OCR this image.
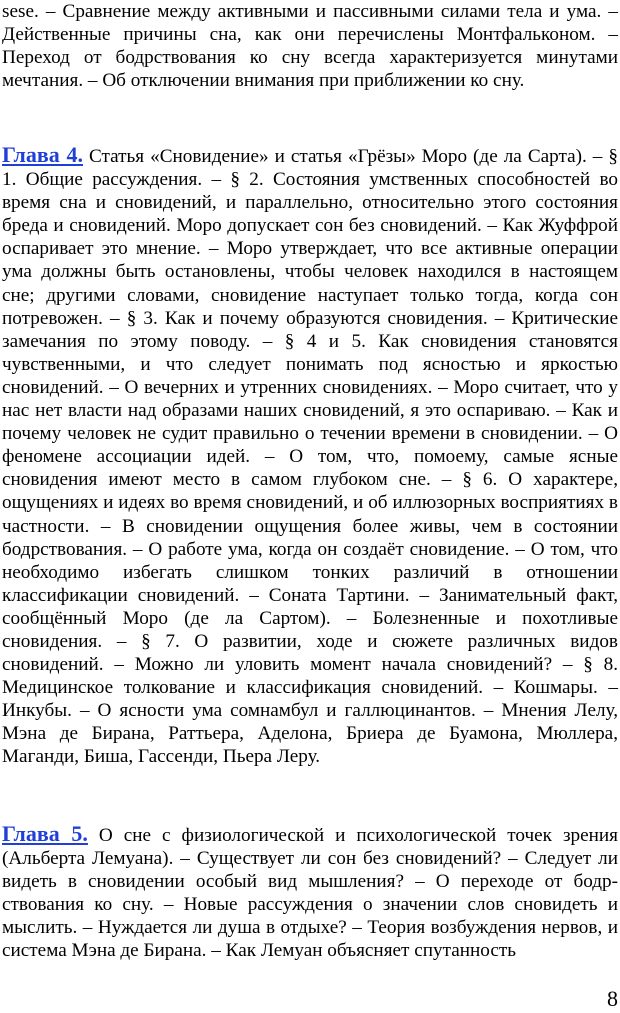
sese. – Сравнение между активными и пассивными силами тела и ума. – Действенные причины сна, как они перечислены Монтфальконом. – Переход от бодрствования ко сну всегда характеризуется минутами мечтания. – Об отключении внимания при приближении ко сну.

Глава 4. Статья «Сновидение» и статья «Грёзы» Моро (де ла Сарта). – § 1. Общие рассуждения. – § 2. Состояния умственных способностей во время сна и сновидений, и параллельно, относительно этого состояния бреда и сновидений. Моро допускает сон без сновидений. – Как Жуффрой оспаривает это мнение. – Моро утверждает, что все активные операции ума должны быть остановлены, чтобы человек находился в настоящем сне; другими словами, сновидение наступает только тогда, когда сон потревожен. – § 3. Как и почему образуются сновидения. – Критические замечания по этому поводу. – § 4 и 5. Как сновидения становятся чувственными, и что следует понимать под ясностью и яркостью сновидений. – О вечерних и утренних сновидениях. – Моро считает, что у нас нет власти над образами наших сновидений, я это оспариваю. – Как и почему человек не судит правильно о течении времени в сновидении. – О феномене ассоциации идей. – О том, что, помоему, самые ясные сновидения имеют место в самом глубоком сне. – § 6. О характере, ощущениях и идеях во время сновидений, и об иллюзорных восприятиях в частности. – В сновидении ощущения более живы, чем в состоянии бодрствования. – О работе ума, когда он создаёт сновидение. – О том, что необходимо избегать слишком тонких различий в отношении классификации сновидений. – Соната Тартини. – Занимательный факт, сообщённый Моро (де ла Сартом). – Болезненные и похотливые сновидения. – § 7. О развитии, ходе и сюжете различных видов сновидений. – Можно ли уловить момент начала сновидений? – § 8. Медицинское толкование и классификация сновидений. – Кошмары. – Инкубы. – О ясности ума сомнамбул и галлюцинантов. – Мнения Лелу, Мэна де Бирана, Раттьера, Аделона, Бриера де Буамона, Мюллера, Маганди, Биша, Гассенди, Пьера Леру.

Глава 5. О сне с физиологической и психологической точек зрения (Альберта Лемуана). – Существует ли сон без сновидений? – Следует ли видеть в сновидении особый вид мышления? – О переходе от бодрствования ко сну. – Новые рассуждения о значении слов сновидеть и мыслить. – Нуждается ли душа в отдыхе? – Теория возбуждения нервов, и система Мэна де Бирана. – Как Лемуан объясняет спутанность

8
